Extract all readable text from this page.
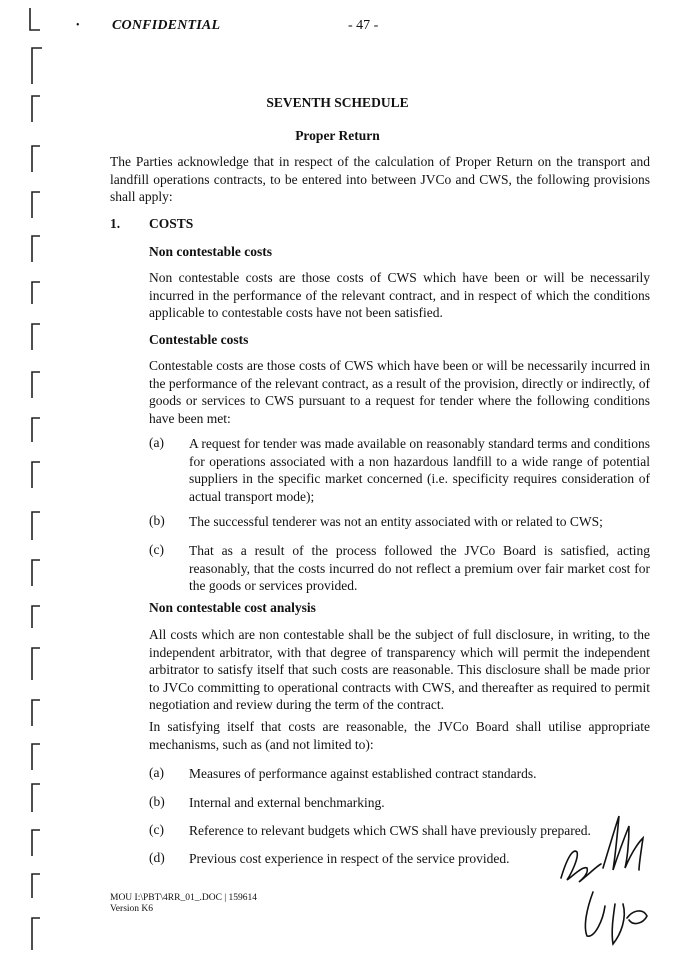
• CONFIDENTIAL	- 47 -
SEVENTH SCHEDULE
Proper Return
The Parties acknowledge that in respect of the calculation of Proper Return on the transport and landfill operations contracts, to be entered into between JVCo and CWS, the following provisions shall apply:
1. COSTS
Non contestable costs
Non contestable costs are those costs of CWS which have been or will be necessarily incurred in the performance of the relevant contract, and in respect of which the conditions applicable to contestable costs have not been satisfied.
Contestable costs
Contestable costs are those costs of CWS which have been or will be necessarily incurred in the performance of the relevant contract, as a result of the provision, directly or indirectly, of goods or services to CWS pursuant to a request for tender where the following conditions have been met:
(a) A request for tender was made available on reasonably standard terms and conditions for operations associated with a non hazardous landfill to a wide range of potential suppliers in the specific market concerned (i.e. specificity requires consideration of actual transport mode);
(b) The successful tenderer was not an entity associated with or related to CWS;
(c) That as a result of the process followed the JVCo Board is satisfied, acting reasonably, that the costs incurred do not reflect a premium over fair market cost for the goods or services provided.
Non contestable cost analysis
All costs which are non contestable shall be the subject of full disclosure, in writing, to the independent arbitrator, with that degree of transparency which will permit the independent arbitrator to satisfy itself that such costs are reasonable. This disclosure shall be made prior to JVCo committing to operational contracts with CWS, and thereafter as required to permit negotiation and review during the term of the contract.
In satisfying itself that costs are reasonable, the JVCo Board shall utilise appropriate mechanisms, such as (and not limited to):
(a) Measures of performance against established contract standards.
(b) Internal and external benchmarking.
(c) Reference to relevant budgets which CWS shall have previously prepared.
(d) Previous cost experience in respect of the service provided.
MOU I:\PBT\4RR_01_.DOC | 159614
Version K6
